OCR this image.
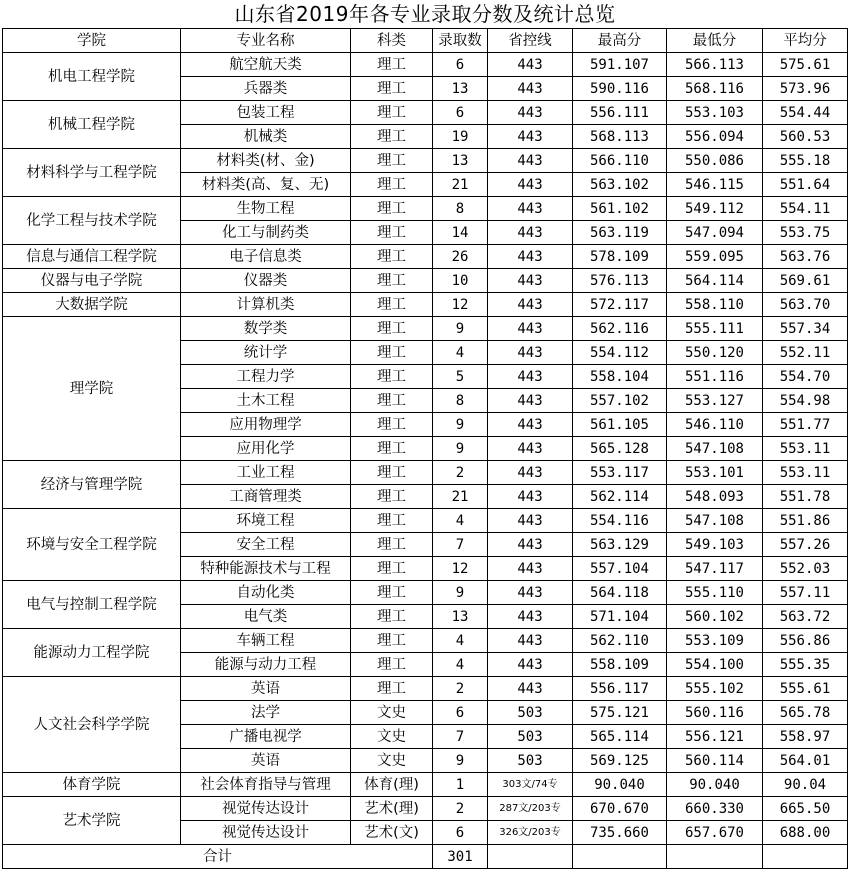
山东省2019年各专业录取分数及统计总览
学院	专业名称	科类	录取数	省控线	最高分	最低分	平均分
机电工程学院	航空航天类	理工	6	443	591.107	566.113	575.61
	兵器类	理工	13	443	590.116	568.116	573.96
机械工程学院	包装工程	理工	6	443	556.111	553.103	554.44
	机械类	理工	19	443	568.113	556.094	560.53
材料科学与工程学院	材料类(材、金)	理工	13	443	566.110	550.086	555.18
	材料类(高、复、无)	理工	21	443	563.102	546.115	551.64
化学工程与技术学院	生物工程	理工	8	443	561.102	549.112	554.11
	化工与制药类	理工	14	443	563.119	547.094	553.75
信息与通信工程学院	电子信息类	理工	26	443	578.109	559.095	563.76
仪器与电子学院	仪器类	理工	10	443	576.113	564.114	569.61
大数据学院	计算机类	理工	12	443	572.117	558.110	563.70
理学院	数学类	理工	9	443	562.116	555.111	557.34
	统计学	理工	4	443	554.112	550.120	552.11
	工程力学	理工	5	443	558.104	551.116	554.70
	土木工程	理工	8	443	557.102	553.127	554.98
	应用物理学	理工	9	443	561.105	546.110	551.77
	应用化学	理工	9	443	565.128	547.108	553.11
经济与管理学院	工业工程	理工	2	443	553.117	553.101	553.11
	工商管理类	理工	21	443	562.114	548.093	551.78
环境与安全工程学院	环境工程	理工	4	443	554.116	547.108	551.86
	安全工程	理工	7	443	563.129	549.103	557.26
	特种能源技术与工程	理工	12	443	557.104	547.117	552.03
电气与控制工程学院	自动化类	理工	9	443	564.118	555.110	557.11
	电气类	理工	13	443	571.104	560.102	563.72
能源动力工程学院	车辆工程	理工	4	443	562.110	553.109	556.86
	能源与动力工程	理工	4	443	558.109	554.100	555.35
人文社会科学学院	英语	理工	2	443	556.117	555.102	555.61
	法学	文史	6	503	575.121	560.116	565.78
	广播电视学	文史	7	503	565.114	556.121	558.97
	英语	文史	9	503	569.125	560.114	564.01
体育学院	社会体育指导与管理	体育(理)	1	303文/74专	90.040	90.040	90.04
艺术学院	视觉传达设计	艺术(理)	2	287文/203专	670.670	660.330	665.50
	视觉传达设计	艺术(文)	6	326文/203专	735.660	657.670	688.00
合计			301				
